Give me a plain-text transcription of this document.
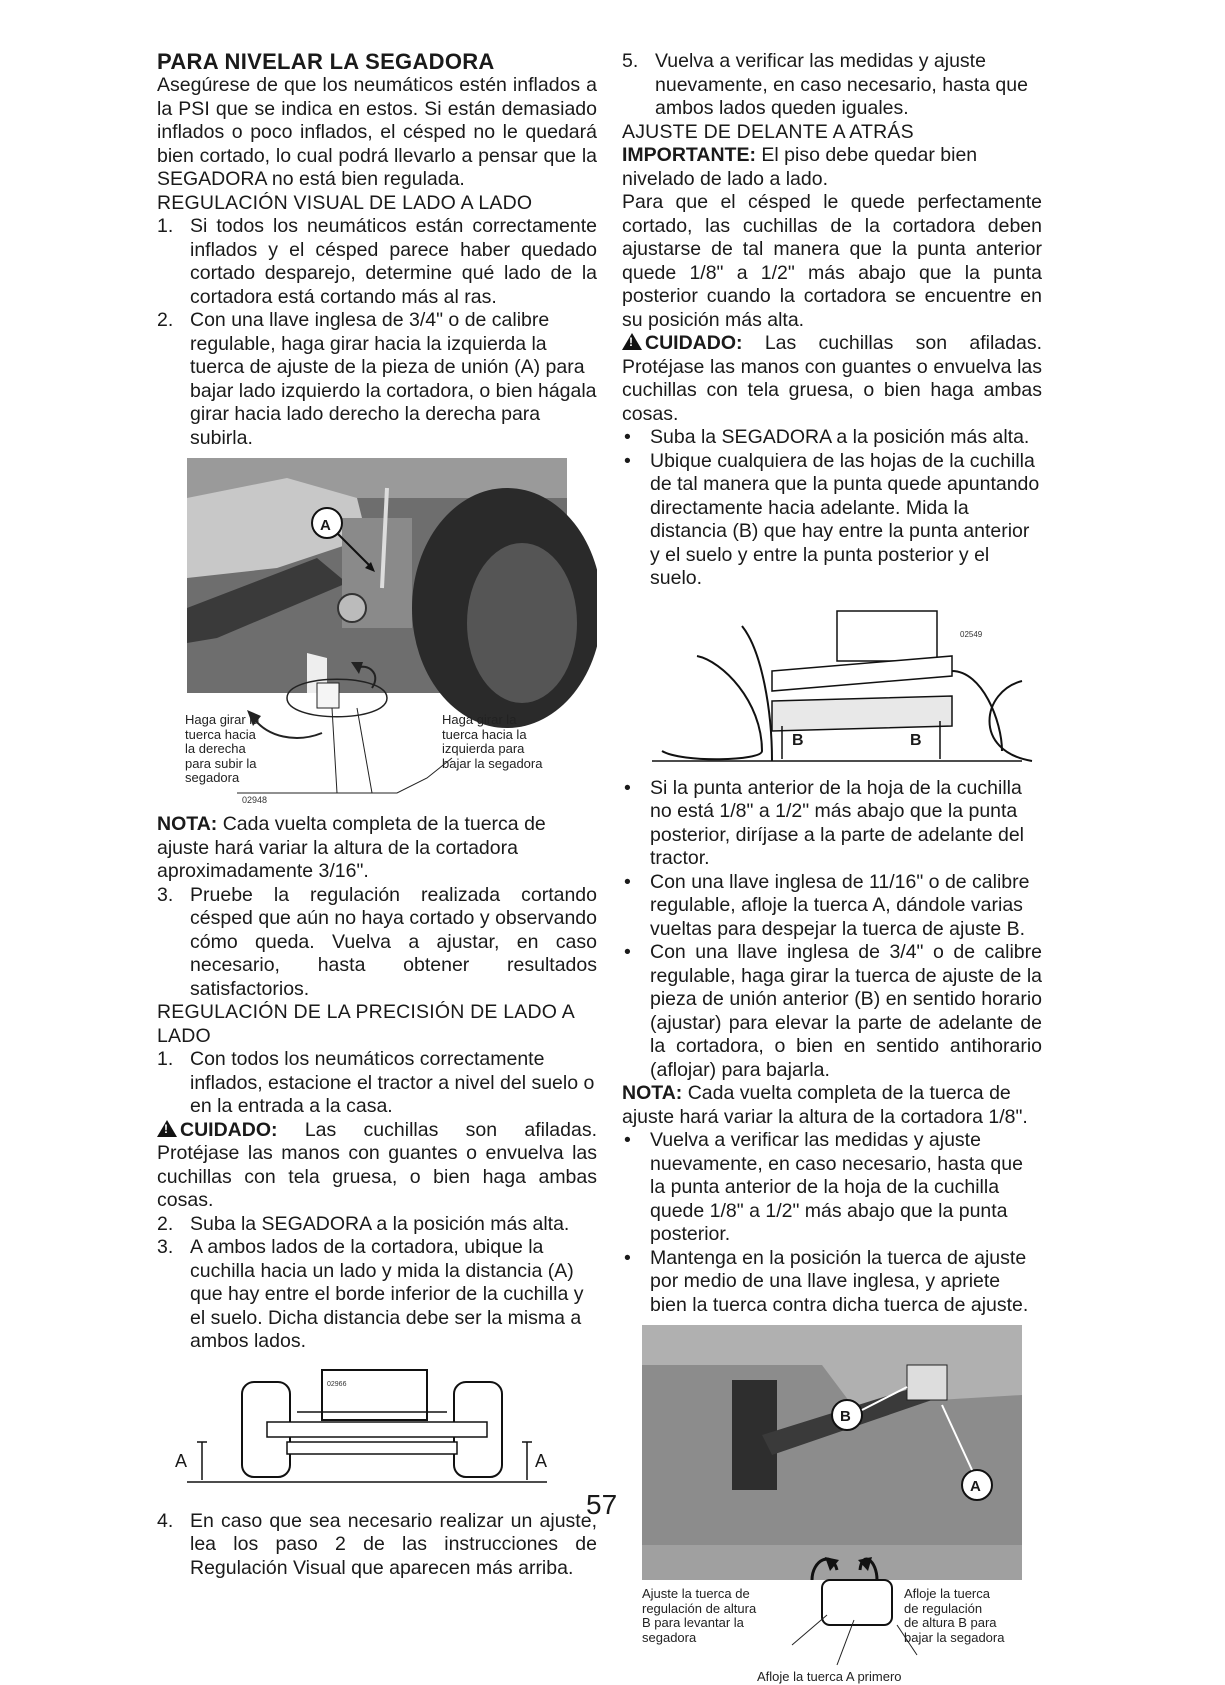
PARA NIVELAR LA SEGADORA

Asegúrese de que los neumáticos estén inflados a la PSI que se indica en estos. Si están demasiado inflados o poco inflados, el césped no le quedará bien cortado, lo cual podrá llevarlo a pensar que la SEGADORA no está bien regulada.

REGULACIÓN VISUAL DE LADO A LADO

1. Si todos los neumáticos están correctamente inflados y el césped parece haber quedado cortado desparejo, determine qué lado de la cortadora está cortando más al ras.
2. Con una llave inglesa de 3/4" o de calibre regulable, haga girar hacia la izquierda la tuerca de ajuste de la pieza de unión (A) para bajar lado izquierdo la cortadora, o bien hágala girar hacia lado derecho la derecha para subirla.
A
Haga girar la
tuerca hacia
la derecha
para subir la
segadora
Haga girar la
tuerca hacia la
izquierda para
bajar la segadora
02948

NOTA: Cada vuelta completa de la tuerca de ajuste hará variar la altura de la cortadora aproximadamente 3/16".

3. Pruebe la regulación realizada cortando césped que aún no haya cortado y observando cómo queda. Vuelva a ajustar, en caso necesario, hasta obtener resultados satisfactorios.

REGULACIÓN DE LA PRECISIÓN DE LADO A LADO

1. Con todos los neumáticos correctamente inflados, estacione el tractor a nivel del suelo o en la entrada a la casa.

!CUIDADO: Las cuchillas son afiladas. Protéjase las manos con guantes o envuelva las cuchillas con tela gruesa, o bien haga ambas cosas.

2. Suba la SEGADORA a la posición más alta.
3. A ambos lados de la cortadora, ubique la cuchilla hacia un lado y mida la distancia (A) que hay entre el borde inferior de la cuchilla y el suelo. Dicha distancia debe ser la misma a ambos lados.
A	A
02966
4. En caso que sea necesario realizar un ajuste, lea los paso 2 de las instrucciones de Regulación Visual que aparecen más arriba.
5. Vuelva a verificar las medidas y ajuste nuevamente, en caso necesario, hasta que ambos lados queden iguales.

AJUSTE DE DELANTE A ATRÁS

IMPORTANTE: El piso debe quedar bien nivelado de lado a lado.

Para que el césped le quede perfectamente cortado, las cuchillas de la cortadora deben ajustarse de tal manera que la punta anterior quede 1/8" a 1/2" más abajo que la punta posterior cuando la cortadora se encuentre en su posición más alta.

!CUIDADO: Las cuchillas son afiladas. Protéjase las manos con guantes o envuelva las cuchillas con tela gruesa, o bien haga ambas cosas.

• Suba la SEGADORA a la posición más alta.
• Ubique cualquiera de las hojas de la cuchilla de tal manera que la punta quede apuntando directamente hacia adelante. Mida la distancia (B) que hay entre la punta anterior y el suelo y entre la punta posterior y el suelo.
B	B
02549
• Si la punta anterior de la hoja de la cuchilla no está 1/8" a 1/2" más abajo que la punta posterior, diríjase a la parte de adelante del tractor.
• Con una llave inglesa de 11/16" o de calibre regulable, afloje la tuerca A, dándole varias vueltas para despejar la tuerca de ajuste B.
• Con una llave inglesa de 3/4" o de calibre regulable, haga girar la tuerca de ajuste de la pieza de unión anterior (B) en sentido horario (ajustar) para elevar la parte de adelante de la cortadora, o bien en sentido antihorario (aflojar) para bajarla.

NOTA: Cada vuelta completa de la tuerca de ajuste hará variar la altura de la cortadora 1/8".

• Vuelva a verificar las medidas y ajuste nuevamente, en caso necesario, hasta que la punta anterior de la hoja de la cuchilla quede 1/8" a 1/2" más abajo que la punta posterior.
• Mantenga en la posición la tuerca de ajuste por medio de una llave inglesa, y apriete bien la tuerca contra dicha tuerca de ajuste.
B
A
Ajuste la tuerca de
regulación de altura
B para levantar la
segadora
Afloje la tuerca
de regulación
de altura B para
bajar la segadora
Afloje la tuerca A primero
57
